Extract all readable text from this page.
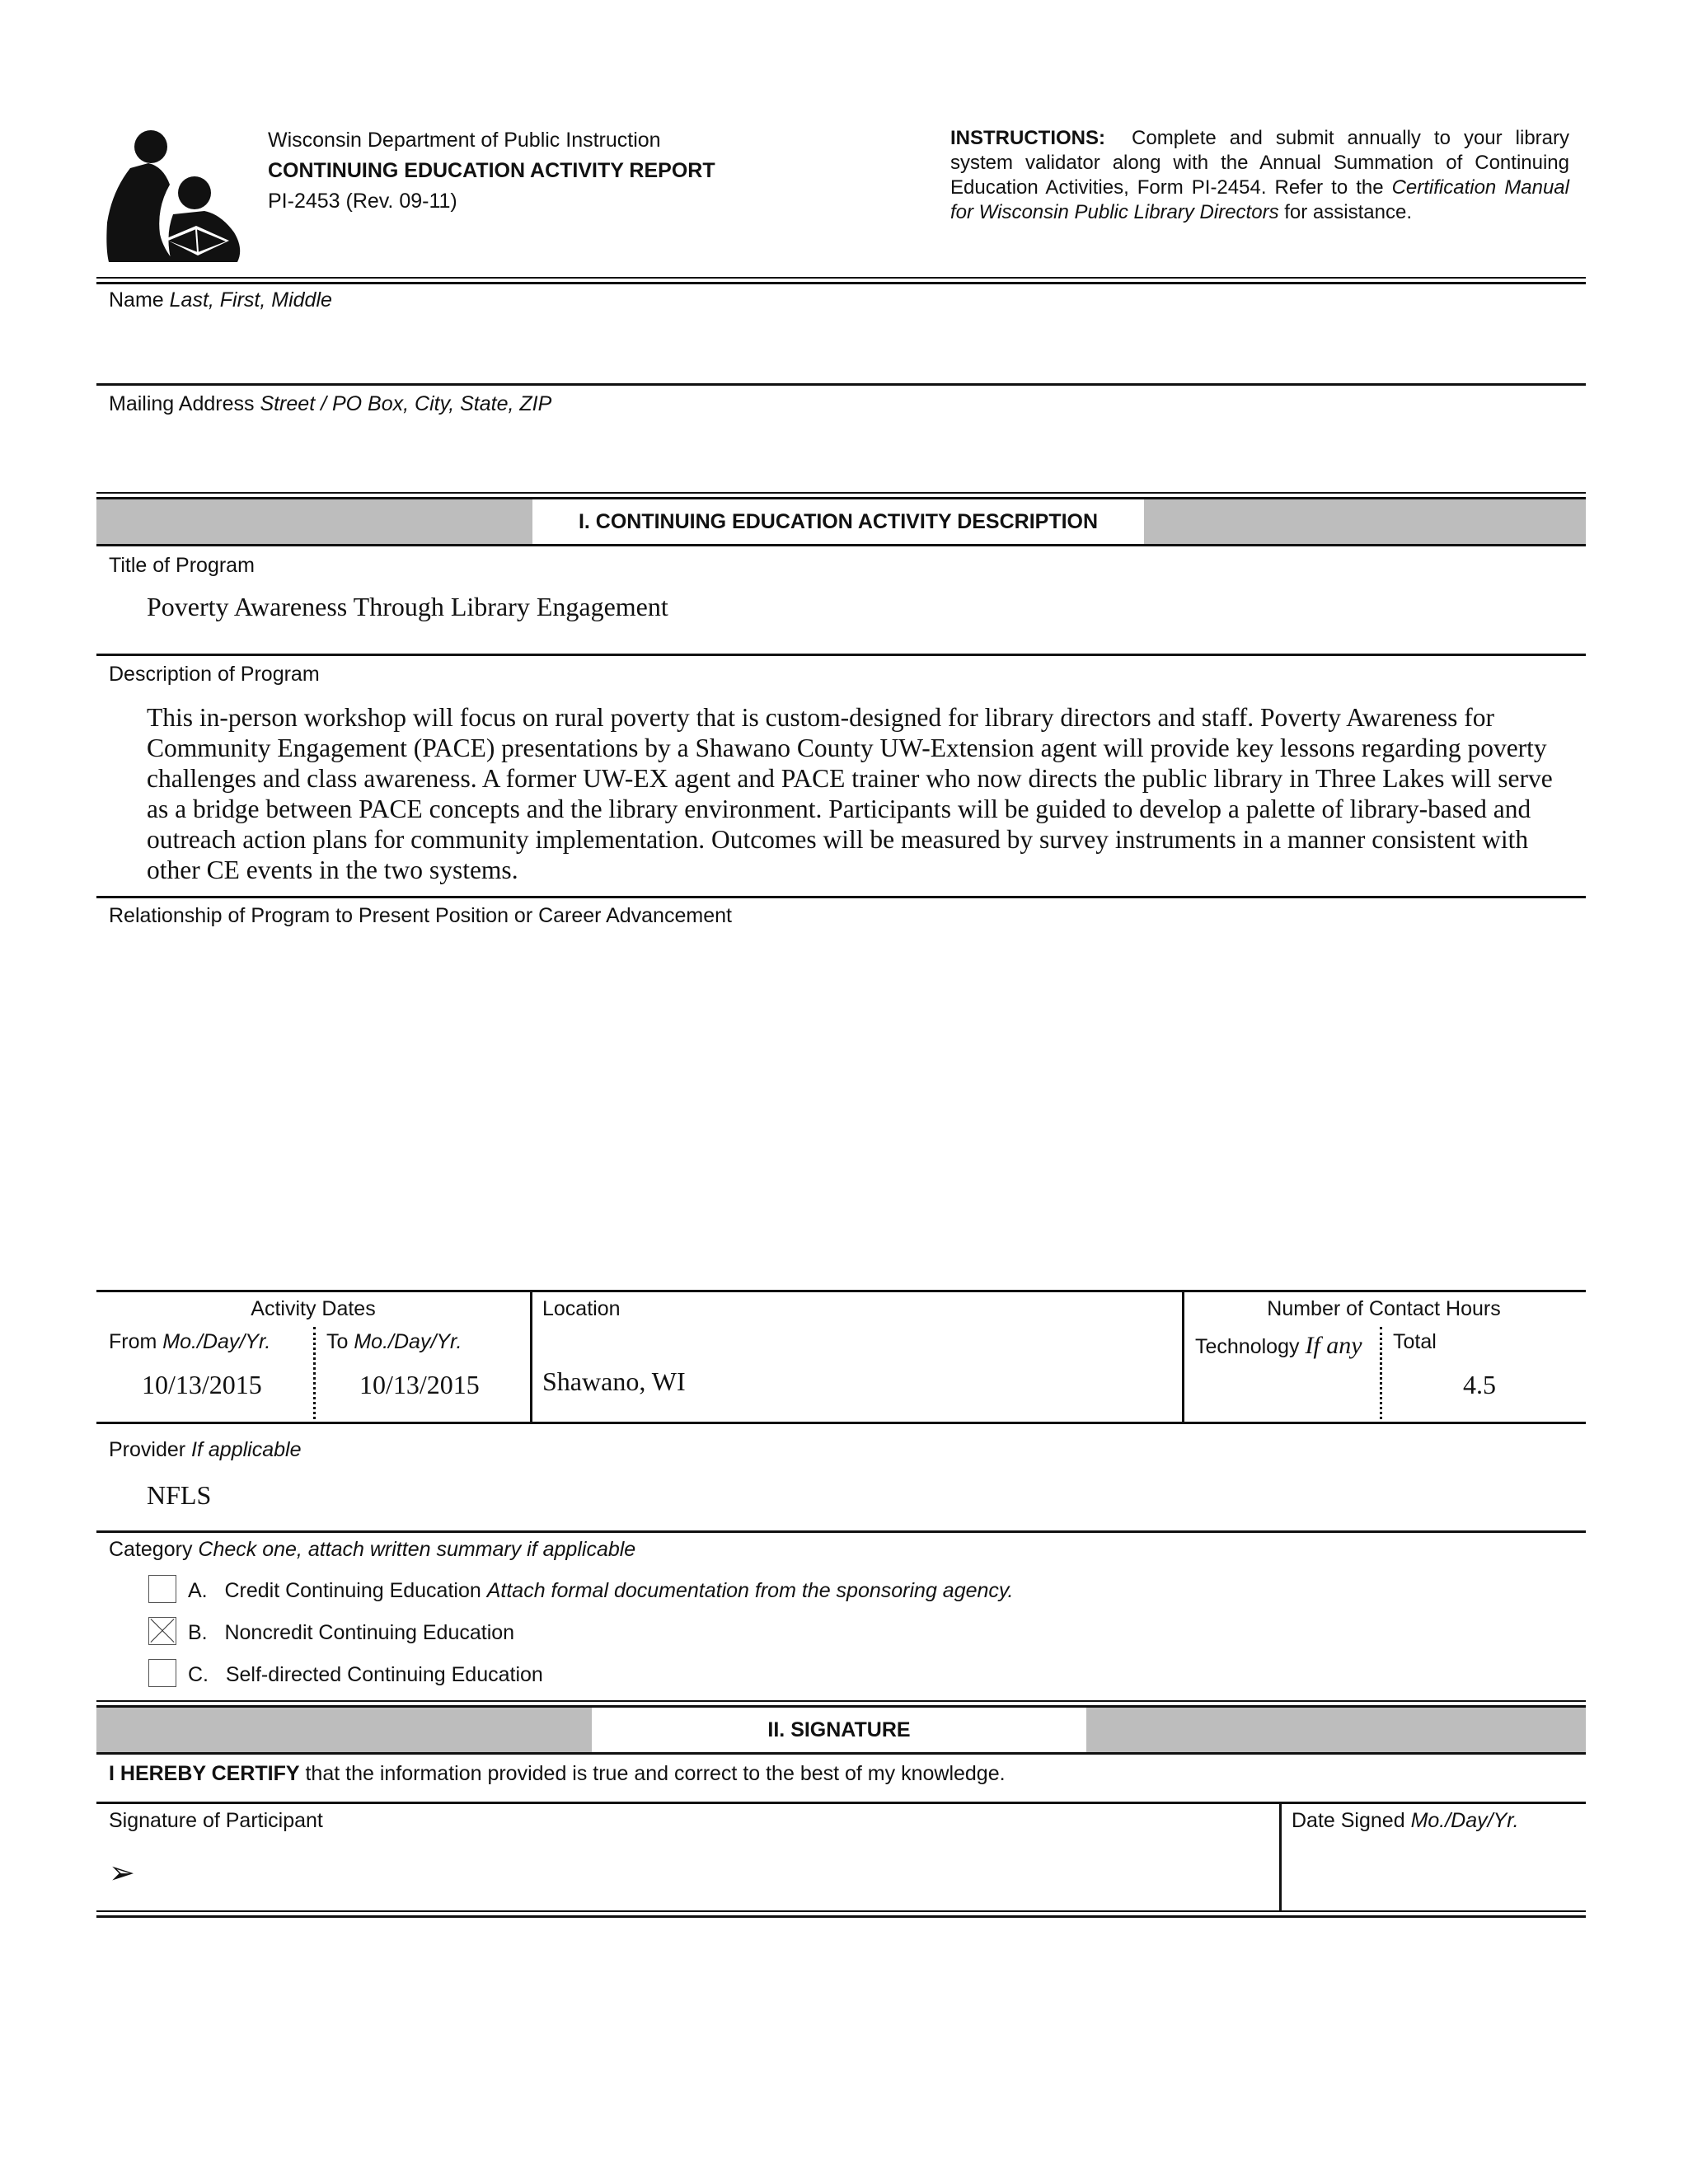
Wisconsin Department of Public Instruction
CONTINUING EDUCATION ACTIVITY REPORT
PI-2453 (Rev. 09-11)
INSTRUCTIONS: Complete and submit annually to your library system validator along with the Annual Summation of Continuing Education Activities, Form PI-2454. Refer to the Certification Manual for Wisconsin Public Library Directors for assistance.
Name Last, First, Middle
Mailing Address Street / PO Box, City, State, ZIP
I. CONTINUING EDUCATION ACTIVITY DESCRIPTION
Title of Program
Poverty Awareness Through Library Engagement
Description of Program
This in-person workshop will focus on rural poverty that is custom-designed for library directors and staff. Poverty Awareness for Community Engagement (PACE) presentations by a Shawano County UW-Extension agent will provide key lessons regarding poverty challenges and class awareness. A former UW-EX agent and PACE trainer who now directs the public library in Three Lakes will serve as a bridge between PACE concepts and the library environment. Participants will be guided to develop a palette of library-based and outreach action plans for community implementation. Outcomes will be measured by survey instruments in a manner consistent with other CE events in the two systems.
Relationship of Program to Present Position or Career Advancement
Activity Dates
From Mo./Day/Yr.	To Mo./Day/Yr.
10/13/2015	10/13/2015
Location
Shawano, WI
Number of Contact Hours
Technology If any Total
4.5
Provider If applicable
NFLS
Category Check one, attach written summary if applicable
A. Credit Continuing Education Attach formal documentation from the sponsoring agency.
B. Noncredit Continuing Education
C. Self-directed Continuing Education
II. SIGNATURE
I HEREBY CERTIFY that the information provided is true and correct to the best of my knowledge.
Signature of Participant
➢
Date Signed Mo./Day/Yr.
